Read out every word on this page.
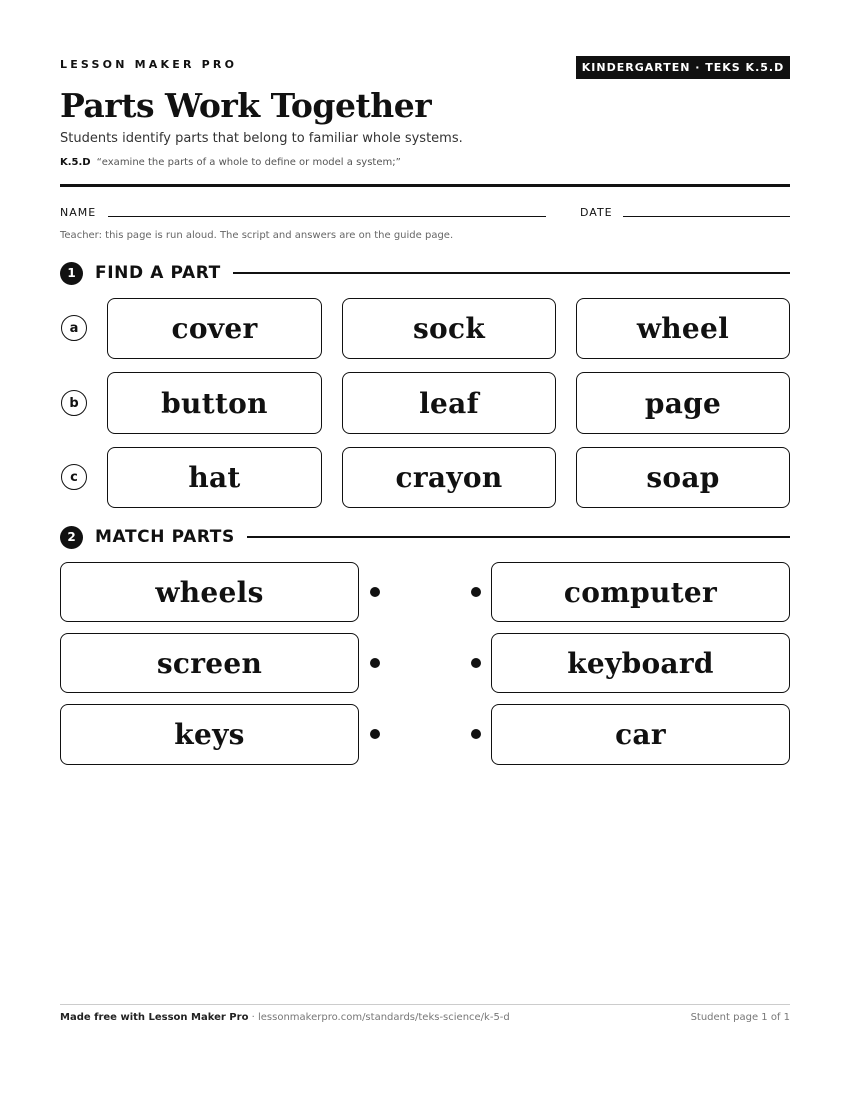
LESSON MAKER PRO	KINDERGARTEN · TEKS K.5.D
Parts Work Together
Students identify parts that belong to familiar whole systems.
K.5.D “examine the parts of a whole to define or model a system;”
NAME	DATE
Teacher: this page is run aloud. The script and answers are on the guide page.
1	FIND A PART
a	cover	sock	wheel
b	button	leaf	page
c	hat	crayon	soap
2	MATCH PARTS
wheels	computer
screen	keyboard
keys	car
Made free with Lesson Maker Pro · lessonmakerpro.com/standards/teks-science/k-5-d	Student page 1 of 1
